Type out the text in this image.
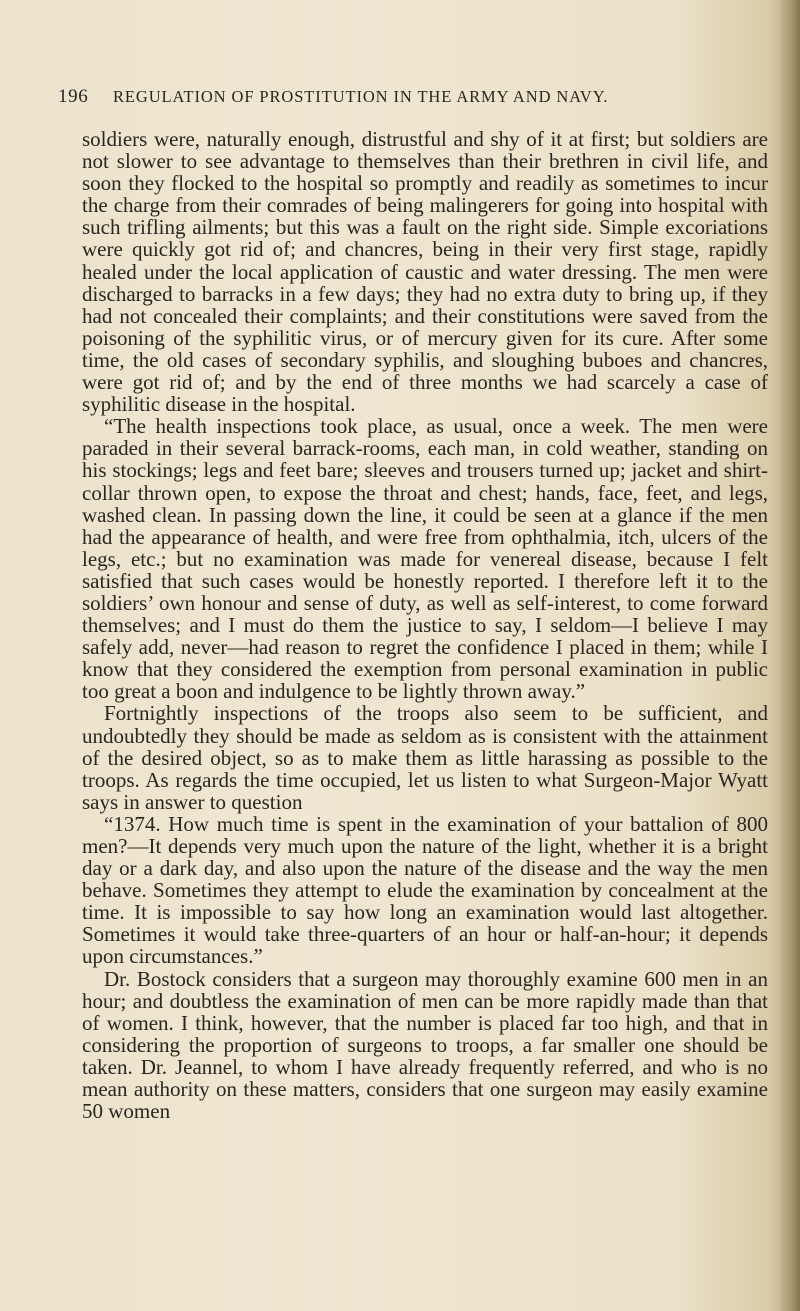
196 REGULATION OF PROSTITUTION IN THE ARMY AND NAVY.

soldiers were, naturally enough, distrustful and shy of it at first; but soldiers are not slower to see advantage to themselves than their brethren in civil life, and soon they flocked to the hospital so promptly and readily as sometimes to incur the charge from their comrades of being malingerers for going into hospital with such trifling ailments; but this was a fault on the right side. Simple excoriations were quickly got rid of; and chancres, being in their very first stage, rapidly healed under the local application of caustic and water dressing. The men were discharged to barracks in a few days; they had no extra duty to bring up, if they had not concealed their complaints; and their constitutions were saved from the poisoning of the syphilitic virus, or of mercury given for its cure. After some time, the old cases of secondary syphilis, and sloughing buboes and chancres, were got rid of; and by the end of three months we had scarcely a case of syphilitic disease in the hospital.

“The health inspections took place, as usual, once a week. The men were paraded in their several barrack-rooms, each man, in cold weather, standing on his stockings; legs and feet bare; sleeves and trousers turned up; jacket and shirt-collar thrown open, to expose the throat and chest; hands, face, feet, and legs, washed clean. In passing down the line, it could be seen at a glance if the men had the appearance of health, and were free from ophthalmia, itch, ulcers of the legs, etc.; but no examination was made for venereal disease, because I felt satisfied that such cases would be honestly reported. I therefore left it to the soldiers’ own honour and sense of duty, as well as self-interest, to come forward themselves; and I must do them the justice to say, I seldom—I believe I may safely add, never—had reason to regret the confidence I placed in them; while I know that they considered the exemption from personal examination in public too great a boon and indulgence to be lightly thrown away.”

Fortnightly inspections of the troops also seem to be sufficient, and undoubtedly they should be made as seldom as is consistent with the attainment of the desired object, so as to make them as little harassing as possible to the troops. As regards the time occupied, let us listen to what Surgeon-Major Wyatt says in answer to question

“1374. How much time is spent in the examination of your battalion of 800 men?—It depends very much upon the nature of the light, whether it is a bright day or a dark day, and also upon the nature of the disease and the way the men behave. Sometimes they attempt to elude the examination by concealment at the time. It is impossible to say how long an examination would last altogether. Sometimes it would take three-quarters of an hour or half-an-hour; it depends upon circumstances.”

Dr. Bostock considers that a surgeon may thoroughly examine 600 men in an hour; and doubtless the examination of men can be more rapidly made than that of women. I think, however, that the number is placed far too high, and that in considering the proportion of surgeons to troops, a far smaller one should be taken. Dr. Jeannel, to whom I have already frequently referred, and who is no mean authority on these matters, considers that one surgeon may easily examine 50 women
